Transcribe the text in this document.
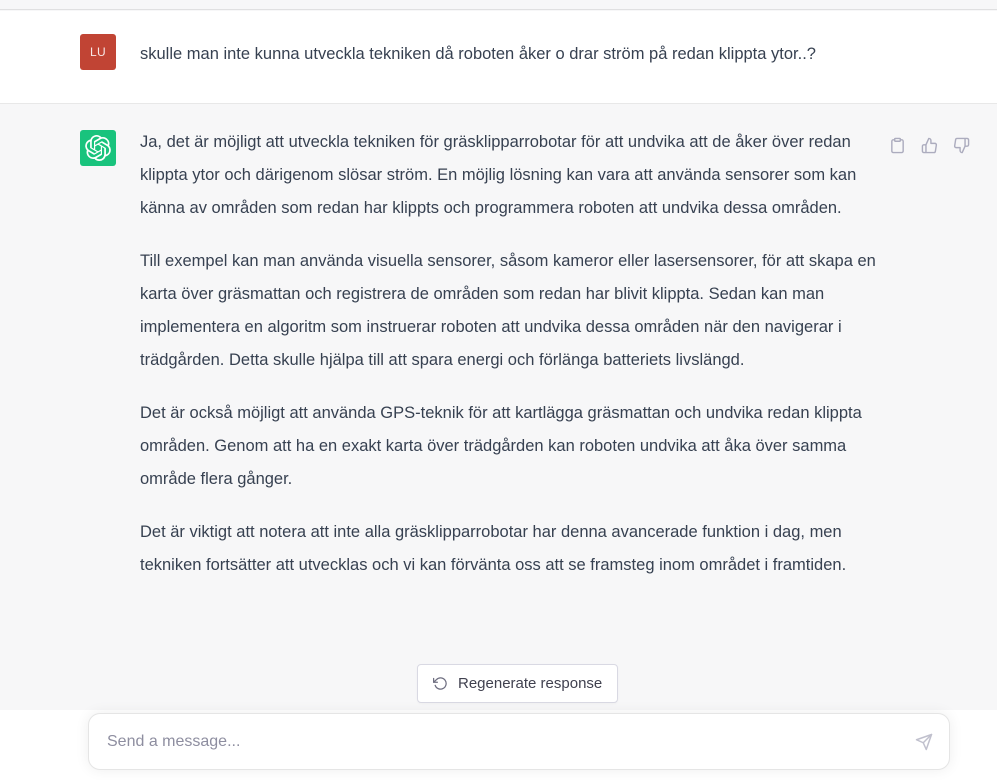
LU skulle man inte kunna utveckla tekniken då roboten åker o drar ström på redan klippta ytor..?

Ja, det är möjligt att utveckla tekniken för gräsklipparrobotar för att undvika att de åker över redan klippta ytor och därigenom slösar ström. En möjlig lösning kan vara att använda sensorer som kan känna av områden som redan har klippts och programmera roboten att undvika dessa områden.

Till exempel kan man använda visuella sensorer, såsom kameror eller lasersensorer, för att skapa en karta över gräsmattan och registrera de områden som redan har blivit klippta. Sedan kan man implementera en algoritm som instruerar roboten att undvika dessa områden när den navigerar i trädgården. Detta skulle hjälpa till att spara energi och förlänga batteriets livslängd.

Det är också möjligt att använda GPS-teknik för att kartlägga gräsmattan och undvika redan klippta områden. Genom att ha en exakt karta över trädgården kan roboten undvika att åka över samma område flera gånger.

Det är viktigt att notera att inte alla gräsklipparrobotar har denna avancerade funktion i dag, men tekniken fortsätter att utvecklas och vi kan förvänta oss att se framsteg inom området i framtiden.

Regenerate response
Send a message...
